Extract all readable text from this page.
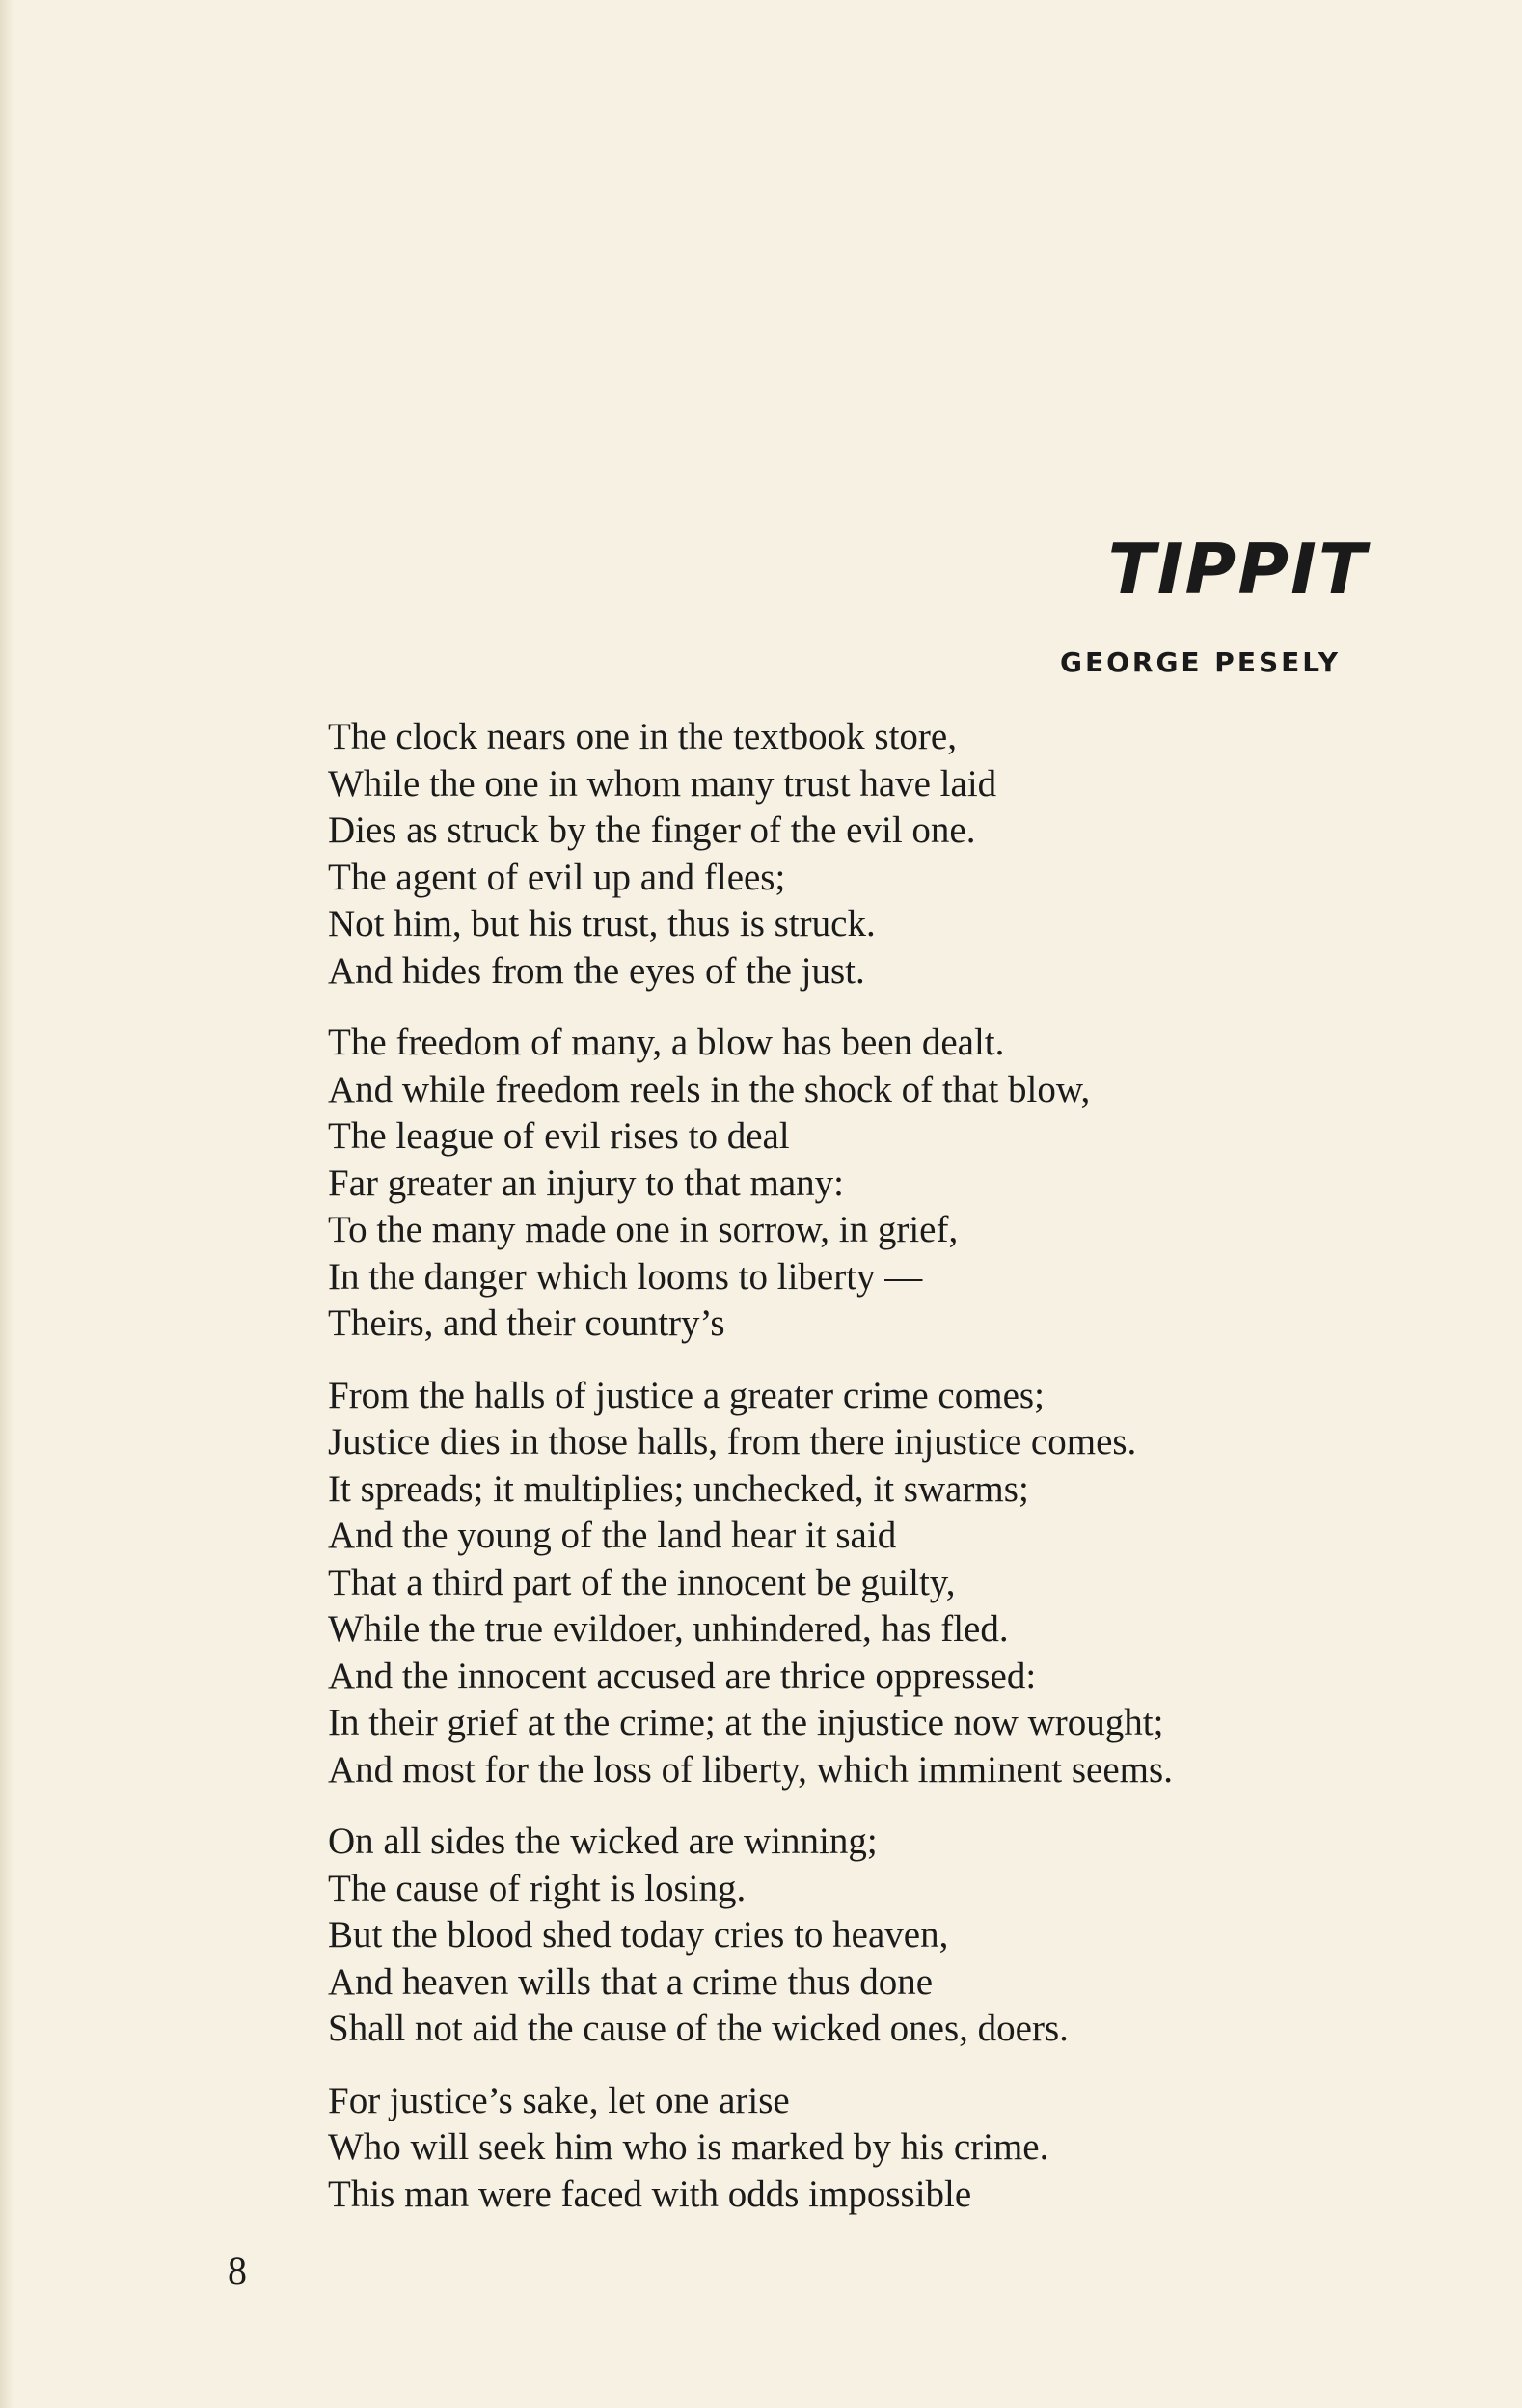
TIPPIT
GEORGE PESELY
The clock nears one in the textbook store,
While the one in whom many trust have laid
Dies as struck by the finger of the evil one.
The agent of evil up and flees;
Not him, but his trust, thus is struck.
And hides from the eyes of the just.
The freedom of many, a blow has been dealt.
And while freedom reels in the shock of that blow,
The league of evil rises to deal
Far greater an injury to that many:
To the many made one in sorrow, in grief,
In the danger which looms to liberty —
Theirs, and their country’s
From the halls of justice a greater crime comes;
Justice dies in those halls, from there injustice comes.
It spreads; it multiplies; unchecked, it swarms;
And the young of the land hear it said
That a third part of the innocent be guilty,
While the true evildoer, unhindered, has fled.
And the innocent accused are thrice oppressed:
In their grief at the crime; at the injustice now wrought;
And most for the loss of liberty, which imminent seems.
On all sides the wicked are winning;
The cause of right is losing.
But the blood shed today cries to heaven,
And heaven wills that a crime thus done
Shall not aid the cause of the wicked ones, doers.
For justice’s sake, let one arise
Who will seek him who is marked by his crime.
This man were faced with odds impossible
8
